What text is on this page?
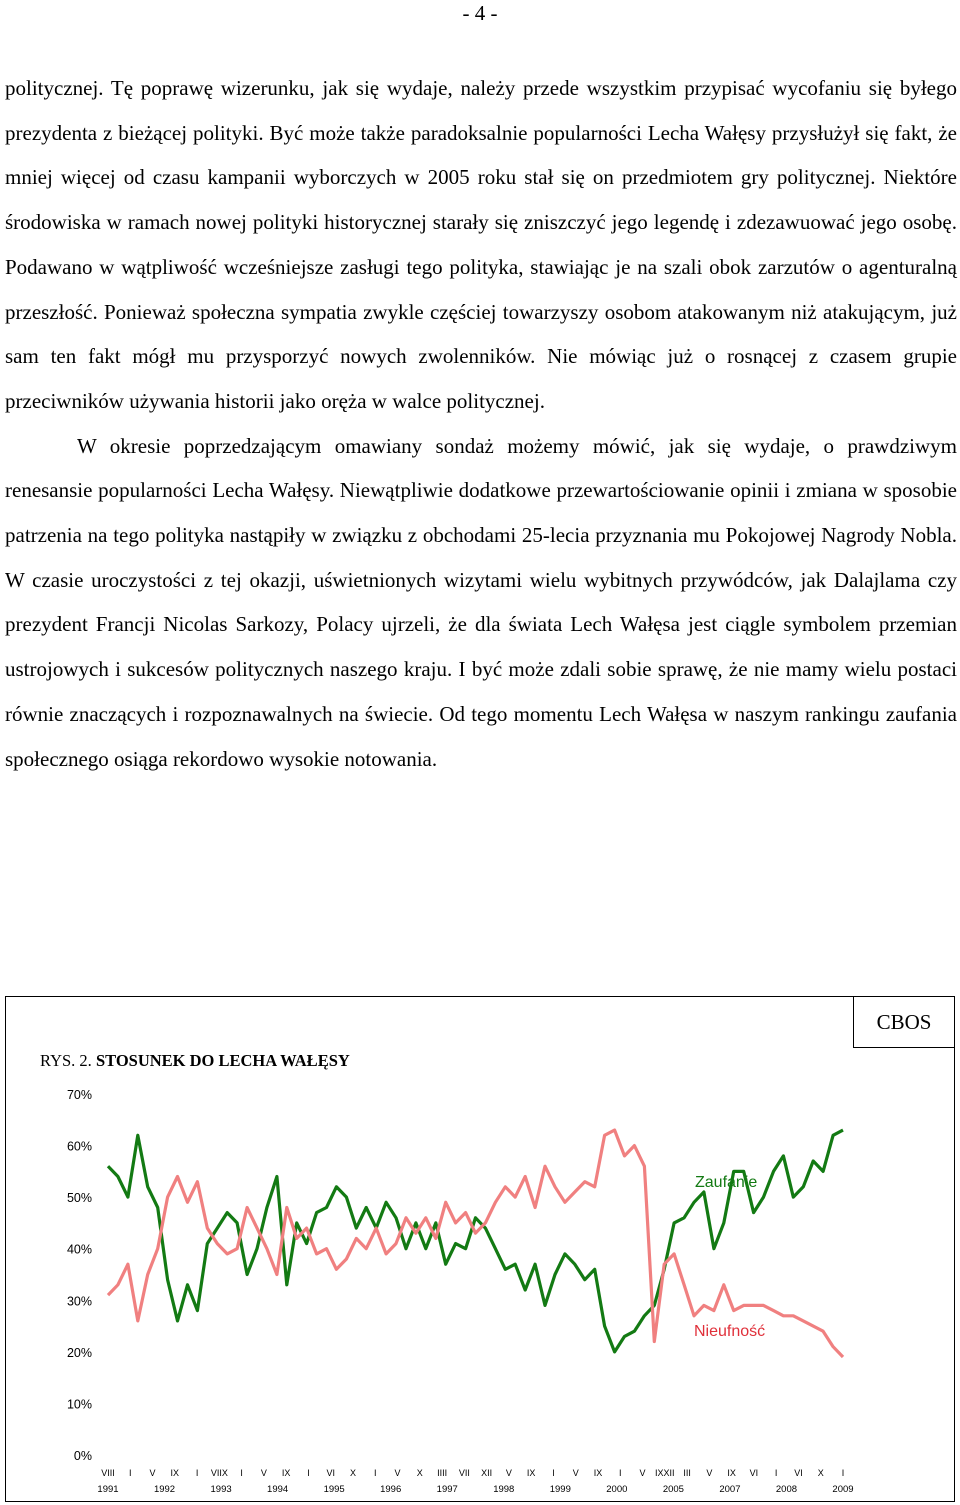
- 4 -

politycznej. Tę poprawę wizerunku, jak się wydaje, należy przede wszystkim przypisać wycofaniu się byłego prezydenta z bieżącej polityki. Być może także paradoksalnie popularności Lecha Wałęsy przysłużył się fakt, że mniej więcej od czasu kampanii wyborczych w 2005 roku stał się on przedmiotem gry politycznej. Niektóre środowiska w ramach nowej polityki historycznej starały się zniszczyć jego legendę i zdezawuować jego osobę. Podawano w wątpliwość wcześniejsze zasługi tego polityka, stawiając je na szali obok zarzutów o agenturalną przeszłość. Ponieważ społeczna sympatia zwykle częściej towarzyszy osobom atakowanym niż atakującym, już sam ten fakt mógł mu przysporzyć nowych zwolenników. Nie mówiąc już o rosnącej z czasem grupie przeciwników używania historii jako oręża w walce politycznej.

W okresie poprzedzającym omawiany sondaż możemy mówić, jak się wydaje, o prawdziwym renesansie popularności Lecha Wałęsy. Niewątpliwie dodatkowe przewartościowanie opinii i zmiana w sposobie patrzenia na tego polityka nastąpiły w związku z obchodami 25-lecia przyznania mu Pokojowej Nagrody Nobla. W czasie uroczystości z tej okazji, uświetnionych wizytami wielu wybitnych przywódców, jak Dalajlama czy prezydent Francji Nicolas Sarkozy, Polacy ujrzeli, że dla świata Lech Wałęsa jest ciągle symbolem przemian ustrojowych i sukcesów politycznych naszego kraju. I być może zdali sobie sprawę, że nie mamy wielu postaci równie znaczących i rozpoznawalnych na świecie. Od tego momentu Lech Wałęsa w naszym rankingu zaufania społecznego osiąga rekordowo wysokie notowania.

CBOS
RYS. 2. STOSUNEK DO LECHA WAŁĘSY
70%
60%
50%
40%
30%
20%
10%
0%
VIII I V IX I VIIX I V IX I VI X I V X IIII VII XII V IX I V IX I V IXXII III V IX VI I VI X I
1991	1992	1993	1994	1995	1996	1997	1998	1999	2000	2005	2007	2008	2009
Zaufanie
Nieufność
